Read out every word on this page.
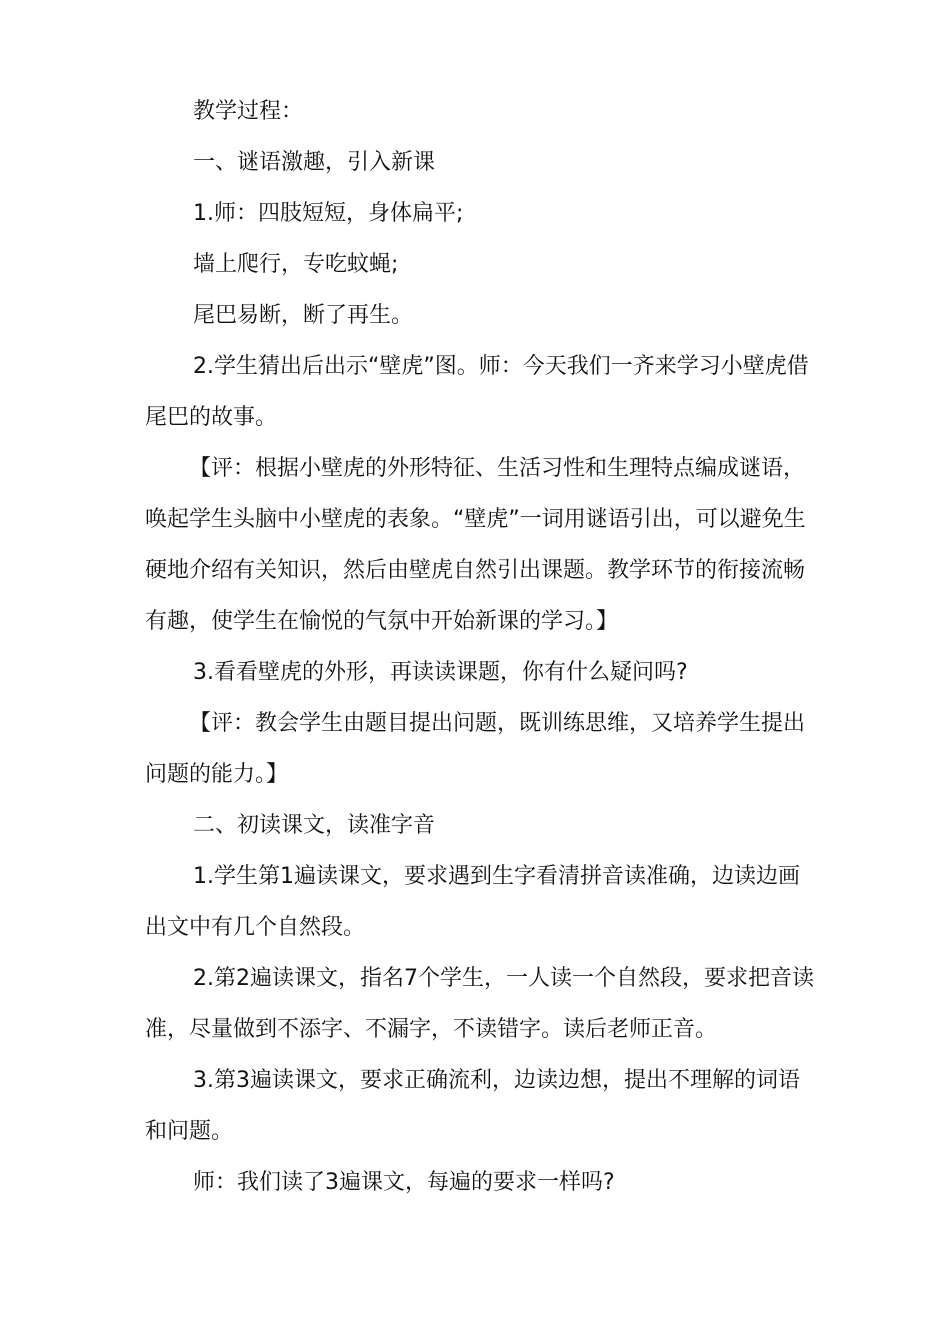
教学过程：

一、谜语激趣，引入新课

1.师：四肢短短，身体扁平;

墙上爬行，专吃蚊蝇;

尾巴易断，断了再生。

2.学生猜出后出示“壁虎”图。师：今天我们一齐来学习小壁虎借尾巴的故事。

【评：根据小壁虎的外形特征、生活习性和生理特点编成谜语，唤起学生头脑中小壁虎的表象。“壁虎”一词用谜语引出，可以避免生硬地介绍有关知识，然后由壁虎自然引出课题。教学环节的衔接流畅有趣，使学生在愉悦的气氛中开始新课的学习。】

3.看看壁虎的外形，再读读课题，你有什么疑问吗?

【评：教会学生由题目提出问题，既训练思维，又培养学生提出问题的能力。】

二、初读课文，读准字音

1.学生第1遍读课文，要求遇到生字看清拼音读准确，边读边画出文中有几个自然段。

2.第2遍读课文，指名7个学生，一人读一个自然段，要求把音读准，尽量做到不添字、不漏字，不读错字。读后老师正音。

3.第3遍读课文，要求正确流利，边读边想，提出不理解的词语和问题。

师：我们读了3遍课文，每遍的要求一样吗?
